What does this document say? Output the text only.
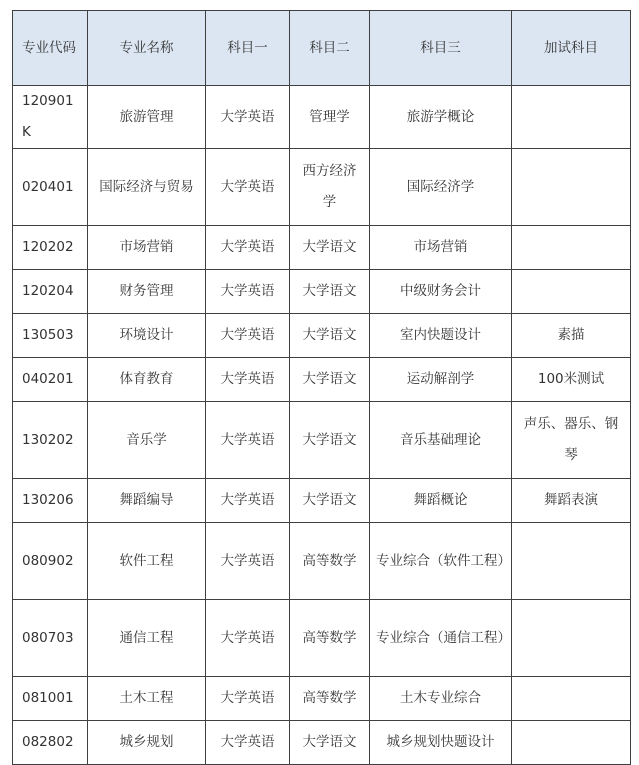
专业代码	专业名称	科目一	科目二	科目三	加试科目
120901K	旅游管理	大学英语	管理学	旅游学概论	
020401	国际经济与贸易	大学英语	西方经济学	国际经济学	
120202	市场营销	大学英语	大学语文	市场营销	
120204	财务管理	大学英语	大学语文	中级财务会计	
130503	环境设计	大学英语	大学语文	室内快题设计	素描
040201	体育教育	大学英语	大学语文	运动解剖学	100米测试
130202	音乐学	大学英语	大学语文	音乐基础理论	声乐、器乐、钢琴
130206	舞蹈编导	大学英语	大学语文	舞蹈概论	舞蹈表演
080902	软件工程	大学英语	高等数学	专业综合（软件工程）	
080703	通信工程	大学英语	高等数学	专业综合（通信工程）	
081001	土木工程	大学英语	高等数学	土木专业综合	
082802	城乡规划	大学英语	大学语文	城乡规划快题设计	
